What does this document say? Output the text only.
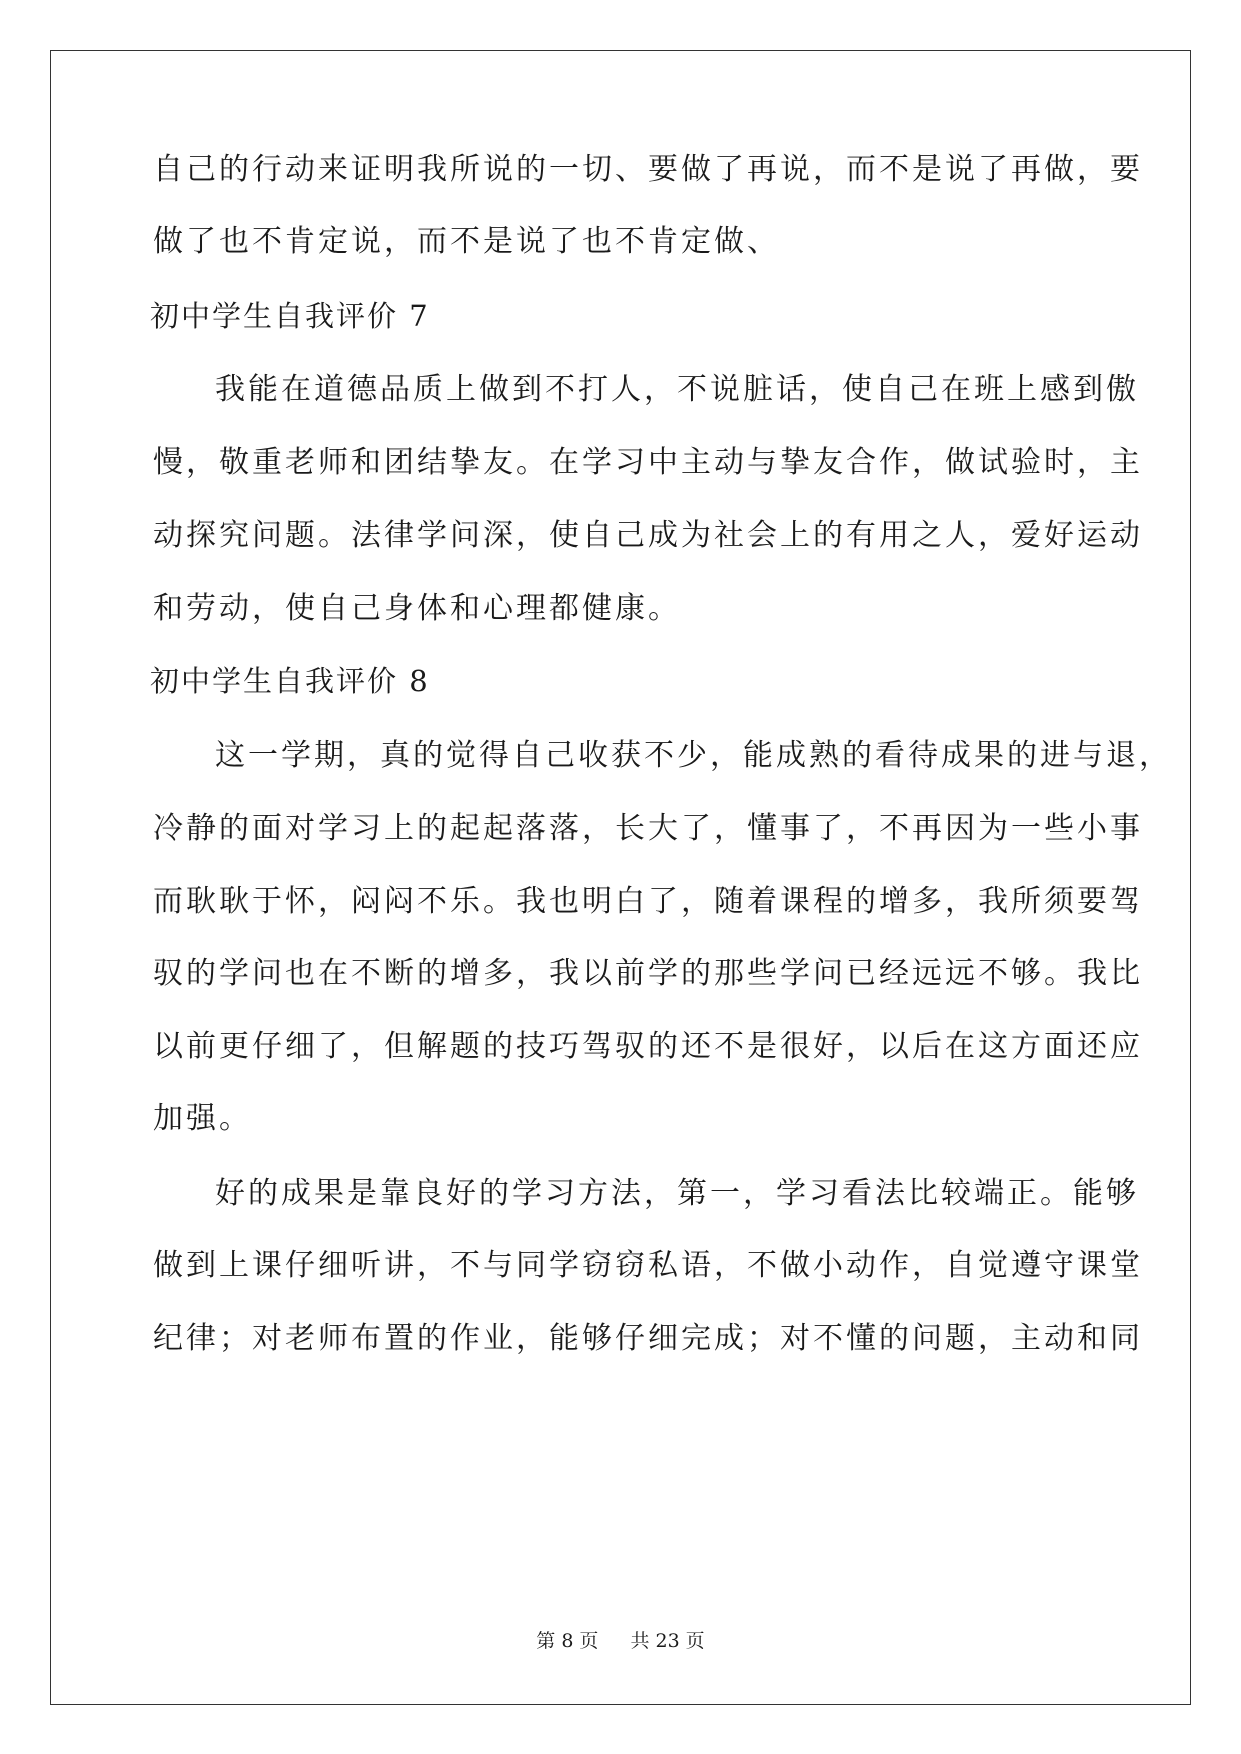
自己的行动来证明我所说的一切、要做了再说，而不是说了再做，要
做了也不肯定说，而不是说了也不肯定做、
初中学生自我评价 7
我能在道德品质上做到不打人，不说脏话，使自己在班上感到傲
慢，敬重老师和团结挚友。在学习中主动与挚友合作，做试验时，主
动探究问题。法律学问深，使自己成为社会上的有用之人，爱好运动
和劳动，使自己身体和心理都健康。
初中学生自我评价 8
这一学期，真的觉得自己收获不少，能成熟的看待成果的进与退，
冷静的面对学习上的起起落落，长大了，懂事了，不再因为一些小事
而耿耿于怀，闷闷不乐。我也明白了，随着课程的增多，我所须要驾
驭的学问也在不断的增多，我以前学的那些学问已经远远不够。我比
以前更仔细了，但解题的技巧驾驭的还不是很好，以后在这方面还应
加强。
好的成果是靠良好的学习方法，第一，学习看法比较端正。能够
做到上课仔细听讲，不与同学窃窃私语，不做小动作，自觉遵守课堂
纪律；对老师布置的作业，能够仔细完成；对不懂的问题，主动和同
第 8 页 共 23 页
